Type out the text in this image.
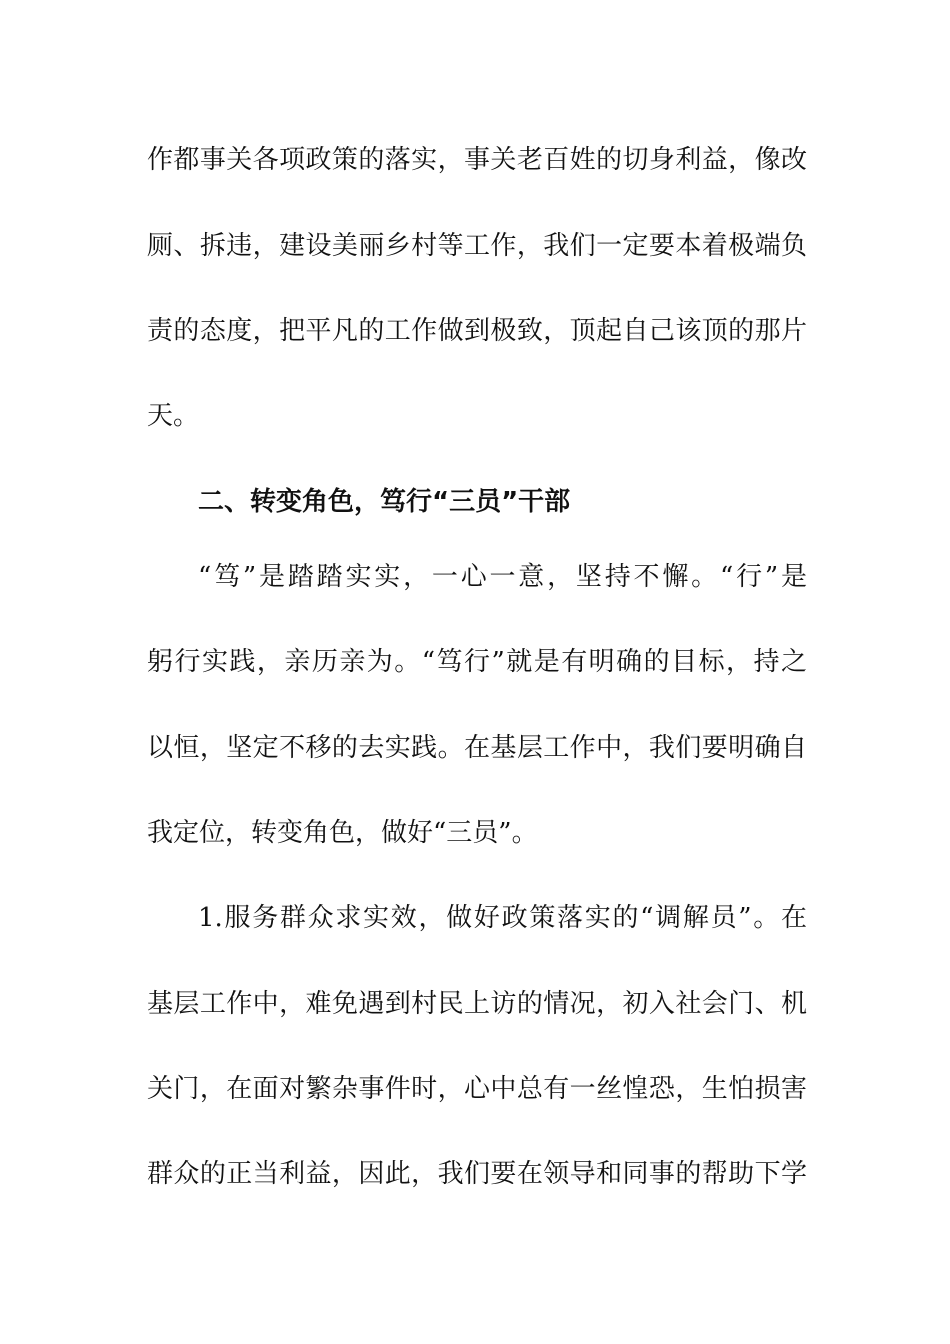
作都事关各项政策的落实，事关老百姓的切身利益，像改

厕、拆违，建设美丽乡村等工作，我们一定要本着极端负

责的态度，把平凡的工作做到极致，顶起自己该顶的那片

天。

二、转变角色，笃行“三员”干部

“笃”是踏踏实实，一心一意，坚持不懈。“行”是

躬行实践，亲历亲为。“笃行”就是有明确的目标，持之

以恒，坚定不移的去实践。在基层工作中，我们要明确自

我定位，转变角色，做好“三员”。

1.服务群众求实效，做好政策落实的“调解员”。在

基层工作中，难免遇到村民上访的情况，初入社会门、机

关门，在面对繁杂事件时，心中总有一丝惶恐，生怕损害

群众的正当利益，因此，我们要在领导和同事的帮助下学
